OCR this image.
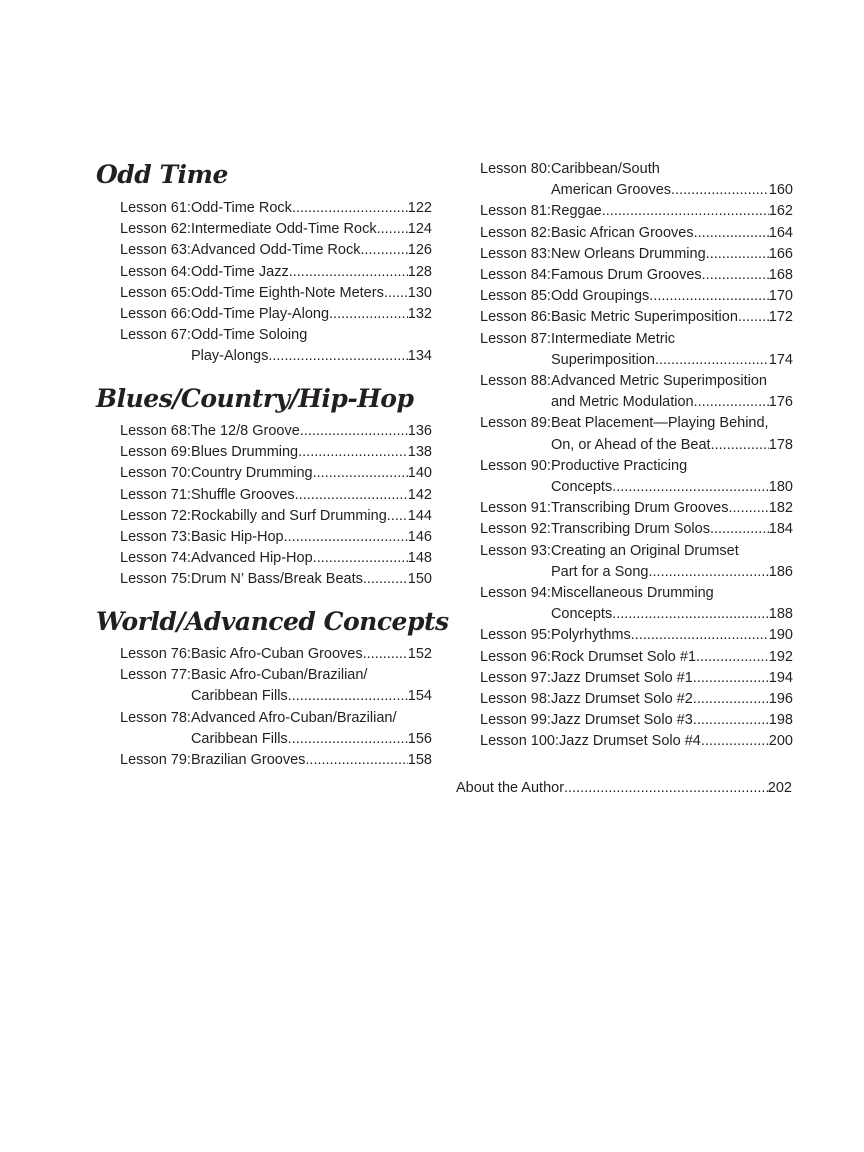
Odd Time
Lesson 61: Odd-Time Rock .....	122
Lesson 62: Intermediate Odd-Time Rock ..... 124
Lesson 63: Advanced Odd-Time Rock .....	126
Lesson 64: Odd-Time Jazz .....	128
Lesson 65: Odd-Time Eighth-Note Meters ..... 130
Lesson 66: Odd-Time Play-Along .....	132
Lesson 67: Odd-Time Soloing
Play-Alongs .....	134
Blues/Country/Hip-Hop
Lesson 68: The 12/8 Groove .....	136
Lesson 69: Blues Drumming .....	138
Lesson 70: Country Drumming .....	140
Lesson 71: Shuffle Grooves .....	142
Lesson 72: Rockabilly and Surf Drumming ..... 144
Lesson 73: Basic Hip-Hop .....	146
Lesson 74: Advanced Hip-Hop .....	148
Lesson 75: Drum N’ Bass/Break Beats .....	150
World/Advanced Concepts
Lesson 76: Basic Afro-Cuban Grooves .....	152
Lesson 77: Basic Afro-Cuban/Brazilian/
Caribbean Fills .....	154
Lesson 78: Advanced Afro-Cuban/Brazilian/
Caribbean Fills .....	156
Lesson 79: Brazilian Grooves .....	158
Lesson 80: Caribbean/South
American Grooves .....	160
Lesson 81: Reggae .....	162
Lesson 82: Basic African Grooves .....	164
Lesson 83: New Orleans Drumming .....	166
Lesson 84: Famous Drum Grooves .....	168
Lesson 85: Odd Groupings .....	170
Lesson 86: Basic Metric Superimposition ..... 172
Lesson 87: Intermediate Metric
Superimposition .....	174
Lesson 88: Advanced Metric Superimposition
and Metric Modulation .....	176
Lesson 89: Beat Placement—Playing Behind,
On, or Ahead of the Beat .....	178
Lesson 90: Productive Practicing
Concepts .....	180
Lesson 91: Transcribing Drum Grooves .....	182
Lesson 92: Transcribing Drum Solos .....	184
Lesson 93: Creating an Original Drumset
Part for a Song .....	186
Lesson 94: Miscellaneous Drumming
Concepts .....	188
Lesson 95: Polyrhythms .....	190
Lesson 96: Rock Drumset Solo #1 .....	192
Lesson 97: Jazz Drumset Solo #1 .....	194
Lesson 98: Jazz Drumset Solo #2 .....	196
Lesson 99: Jazz Drumset Solo #3 .....	198
Lesson 100: Jazz Drumset Solo #4 .....	200
About the Author .....	202
